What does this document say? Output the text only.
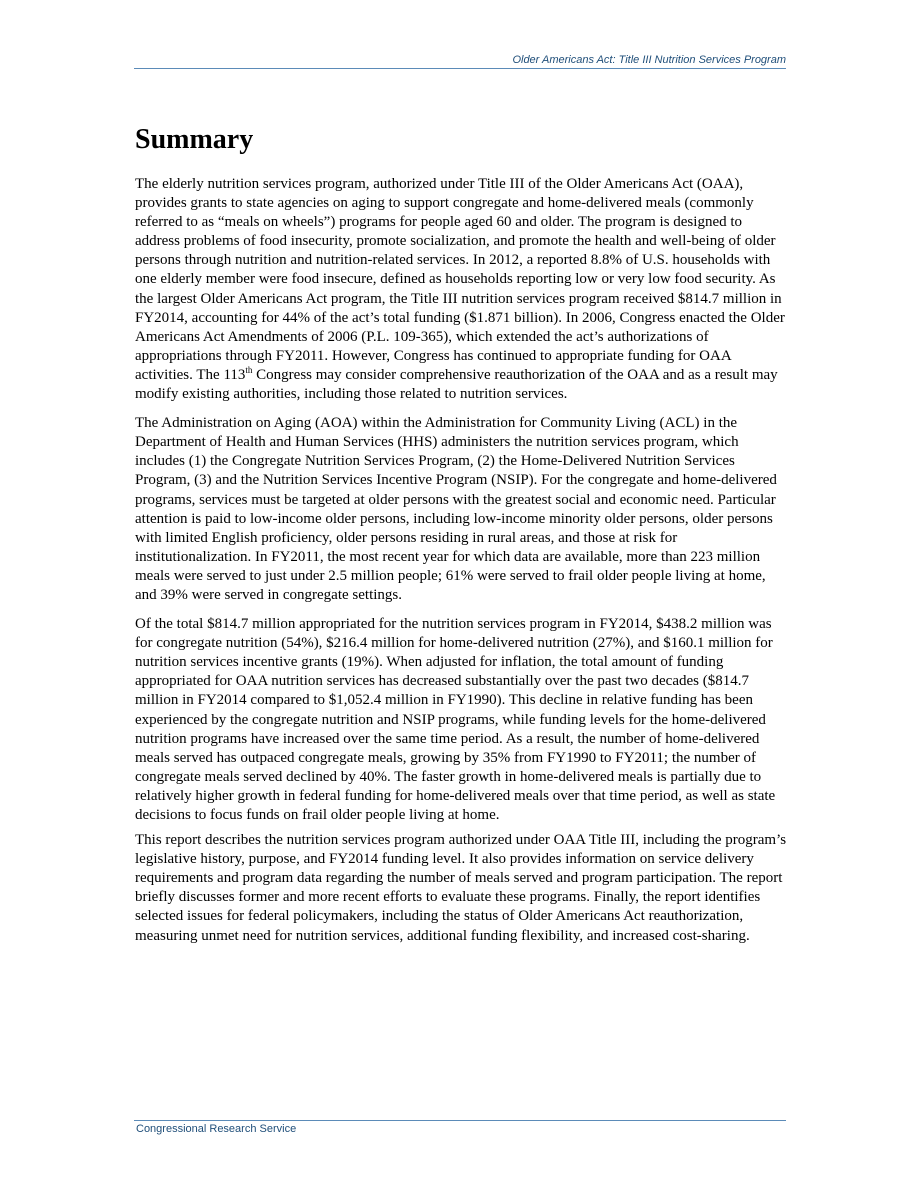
Older Americans Act: Title III Nutrition Services Program
Summary

The elderly nutrition services program, authorized under Title III of the Older Americans Act (OAA), provides grants to state agencies on aging to support congregate and home-delivered meals (commonly referred to as “meals on wheels”) programs for people aged 60 and older. The program is designed to address problems of food insecurity, promote socialization, and promote the health and well-being of older persons through nutrition and nutrition-related services. In 2012, a reported 8.8% of U.S. households with one elderly member were food insecure, defined as households reporting low or very low food security. As the largest Older Americans Act program, the Title III nutrition services program received $814.7 million in FY2014, accounting for 44% of the act’s total funding ($1.871 billion). In 2006, Congress enacted the Older Americans Act Amendments of 2006 (P.L. 109-365), which extended the act’s authorizations of appropriations through FY2011. However, Congress has continued to appropriate funding for OAA activities. The 113th Congress may consider comprehensive reauthorization of the OAA and as a result may modify existing authorities, including those related to nutrition services.

The Administration on Aging (AOA) within the Administration for Community Living (ACL) in the Department of Health and Human Services (HHS) administers the nutrition services program, which includes (1) the Congregate Nutrition Services Program, (2) the Home-Delivered Nutrition Services Program, (3) and the Nutrition Services Incentive Program (NSIP). For the congregate and home-delivered programs, services must be targeted at older persons with the greatest social and economic need. Particular attention is paid to low-income older persons, including low-income minority older persons, older persons with limited English proficiency, older persons residing in rural areas, and those at risk for institutionalization. In FY2011, the most recent year for which data are available, more than 223 million meals were served to just under 2.5 million people; 61% were served to frail older people living at home, and 39% were served in congregate settings.

Of the total $814.7 million appropriated for the nutrition services program in FY2014, $438.2 million was for congregate nutrition (54%), $216.4 million for home-delivered nutrition (27%), and $160.1 million for nutrition services incentive grants (19%). When adjusted for inflation, the total amount of funding appropriated for OAA nutrition services has decreased substantially over the past two decades ($814.7 million in FY2014 compared to $1,052.4 million in FY1990). This decline in relative funding has been experienced by the congregate nutrition and NSIP programs, while funding levels for the home-delivered nutrition programs have increased over the same time period. As a result, the number of home-delivered meals served has outpaced congregate meals, growing by 35% from FY1990 to FY2011; the number of congregate meals served declined by 40%. The faster growth in home-delivered meals is partially due to relatively higher growth in federal funding for home-delivered meals over that time period, as well as state decisions to focus funds on frail older people living at home.

This report describes the nutrition services program authorized under OAA Title III, including the program’s legislative history, purpose, and FY2014 funding level. It also provides information on service delivery requirements and program data regarding the number of meals served and program participation. The report briefly discusses former and more recent efforts to evaluate these programs. Finally, the report identifies selected issues for federal policymakers, including the status of Older Americans Act reauthorization, measuring unmet need for nutrition services, additional funding flexibility, and increased cost-sharing.

Congressional Research Service
